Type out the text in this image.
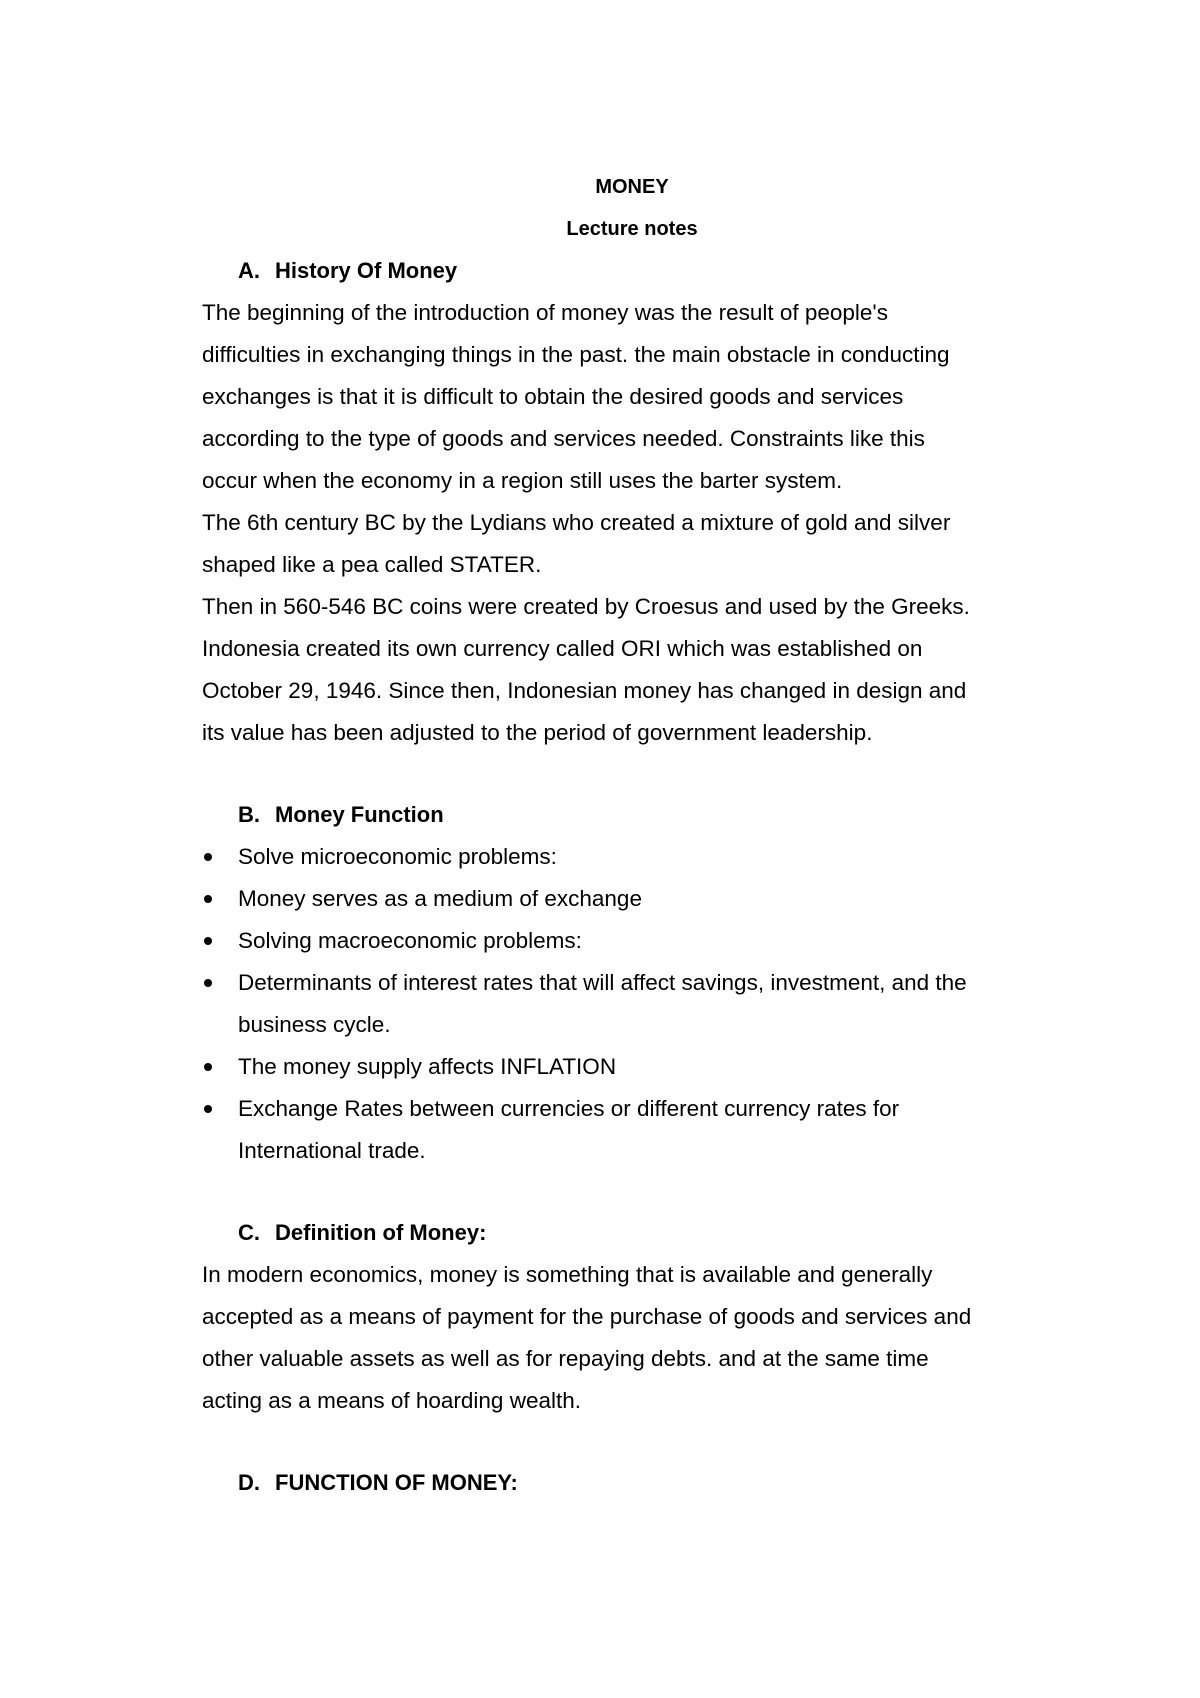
MONEY

Lecture notes

A. History Of Money

The beginning of the introduction of money was the result of people's
difficulties in exchanging things in the past. the main obstacle in conducting
exchanges is that it is difficult to obtain the desired goods and services
according to the type of goods and services needed. Constraints like this
occur when the economy in a region still uses the barter system.
The 6th century BC by the Lydians who created a mixture of gold and silver
shaped like a pea called STATER.
Then in 560-546 BC coins were created by Croesus and used by the Greeks.
Indonesia created its own currency called ORI which was established on
October 29, 1946. Since then, Indonesian money has changed in design and
its value has been adjusted to the period of government leadership.

B. Money Function

Solve microeconomic problems:
Money serves as a medium of exchange
Solving macroeconomic problems:
Determinants of interest rates that will affect savings, investment, and the
business cycle.
The money supply affects INFLATION
Exchange Rates between currencies or different currency rates for
International trade.

C. Definition of Money:

In modern economics, money is something that is available and generally
accepted as a means of payment for the purchase of goods and services and
other valuable assets as well as for repaying debts. and at the same time
acting as a means of hoarding wealth.

D. FUNCTION OF MONEY:
